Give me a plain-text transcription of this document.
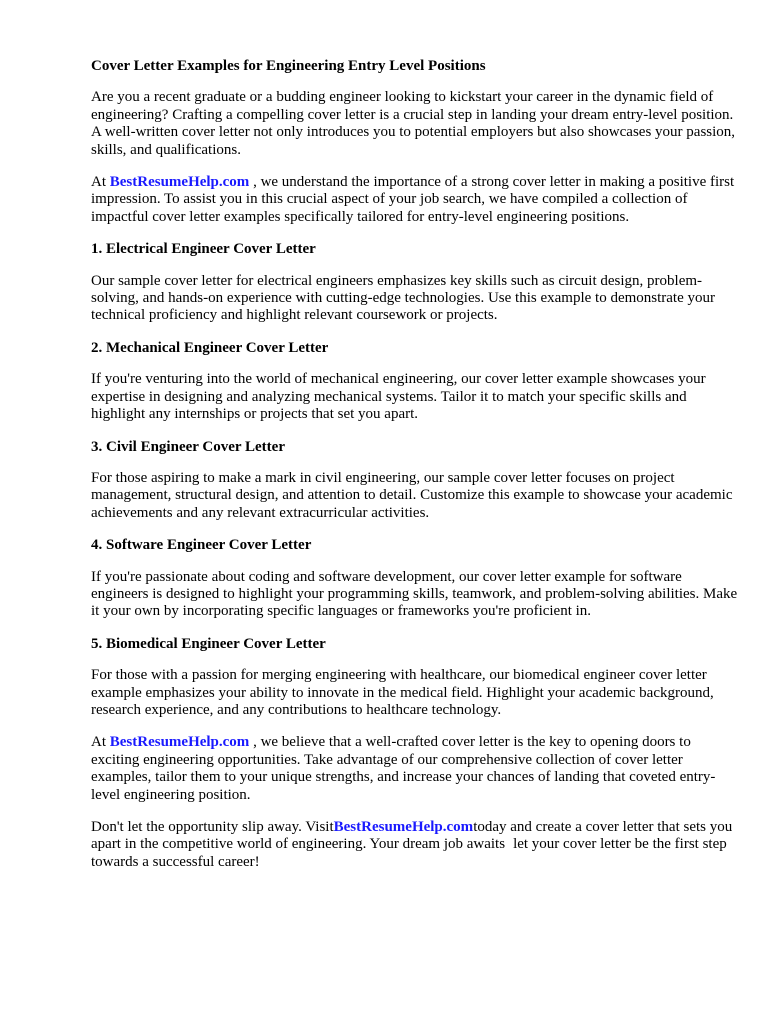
Cover Letter Examples for Engineering Entry Level Positions

Are you a recent graduate or a budding engineer looking to kickstart your career in the dynamic field of engineering? Crafting a compelling cover letter is a crucial step in landing your dream entry-level position. A well-written cover letter not only introduces you to potential employers but also showcases your passion, skills, and qualifications.

At BestResumeHelp.com , we understand the importance of a strong cover letter in making a positive first impression. To assist you in this crucial aspect of your job search, we have compiled a collection of impactful cover letter examples specifically tailored for entry-level engineering positions.

1. Electrical Engineer Cover Letter

Our sample cover letter for electrical engineers emphasizes key skills such as circuit design, problem-solving, and hands-on experience with cutting-edge technologies. Use this example to demonstrate your technical proficiency and highlight relevant coursework or projects.

2. Mechanical Engineer Cover Letter

If you're venturing into the world of mechanical engineering, our cover letter example showcases your expertise in designing and analyzing mechanical systems. Tailor it to match your specific skills and highlight any internships or projects that set you apart.

3. Civil Engineer Cover Letter

For those aspiring to make a mark in civil engineering, our sample cover letter focuses on project management, structural design, and attention to detail. Customize this example to showcase your academic achievements and any relevant extracurricular activities.

4. Software Engineer Cover Letter

If you're passionate about coding and software development, our cover letter example for software engineers is designed to highlight your programming skills, teamwork, and problem-solving abilities. Make it your own by incorporating specific languages or frameworks you're proficient in.

5. Biomedical Engineer Cover Letter

For those with a passion for merging engineering with healthcare, our biomedical engineer cover letter example emphasizes your ability to innovate in the medical field. Highlight your academic background, research experience, and any contributions to healthcare technology.

At BestResumeHelp.com , we believe that a well-crafted cover letter is the key to opening doors to exciting engineering opportunities. Take advantage of our comprehensive collection of cover letter examples, tailor them to your unique strengths, and increase your chances of landing that coveted entry-level engineering position.

Don't let the opportunity slip away. VisitBestResumeHelp.comtoday and create a cover letter that sets you apart in the competitive world of engineering. Your dream job awaits let your cover letter be the first step towards a successful career!
